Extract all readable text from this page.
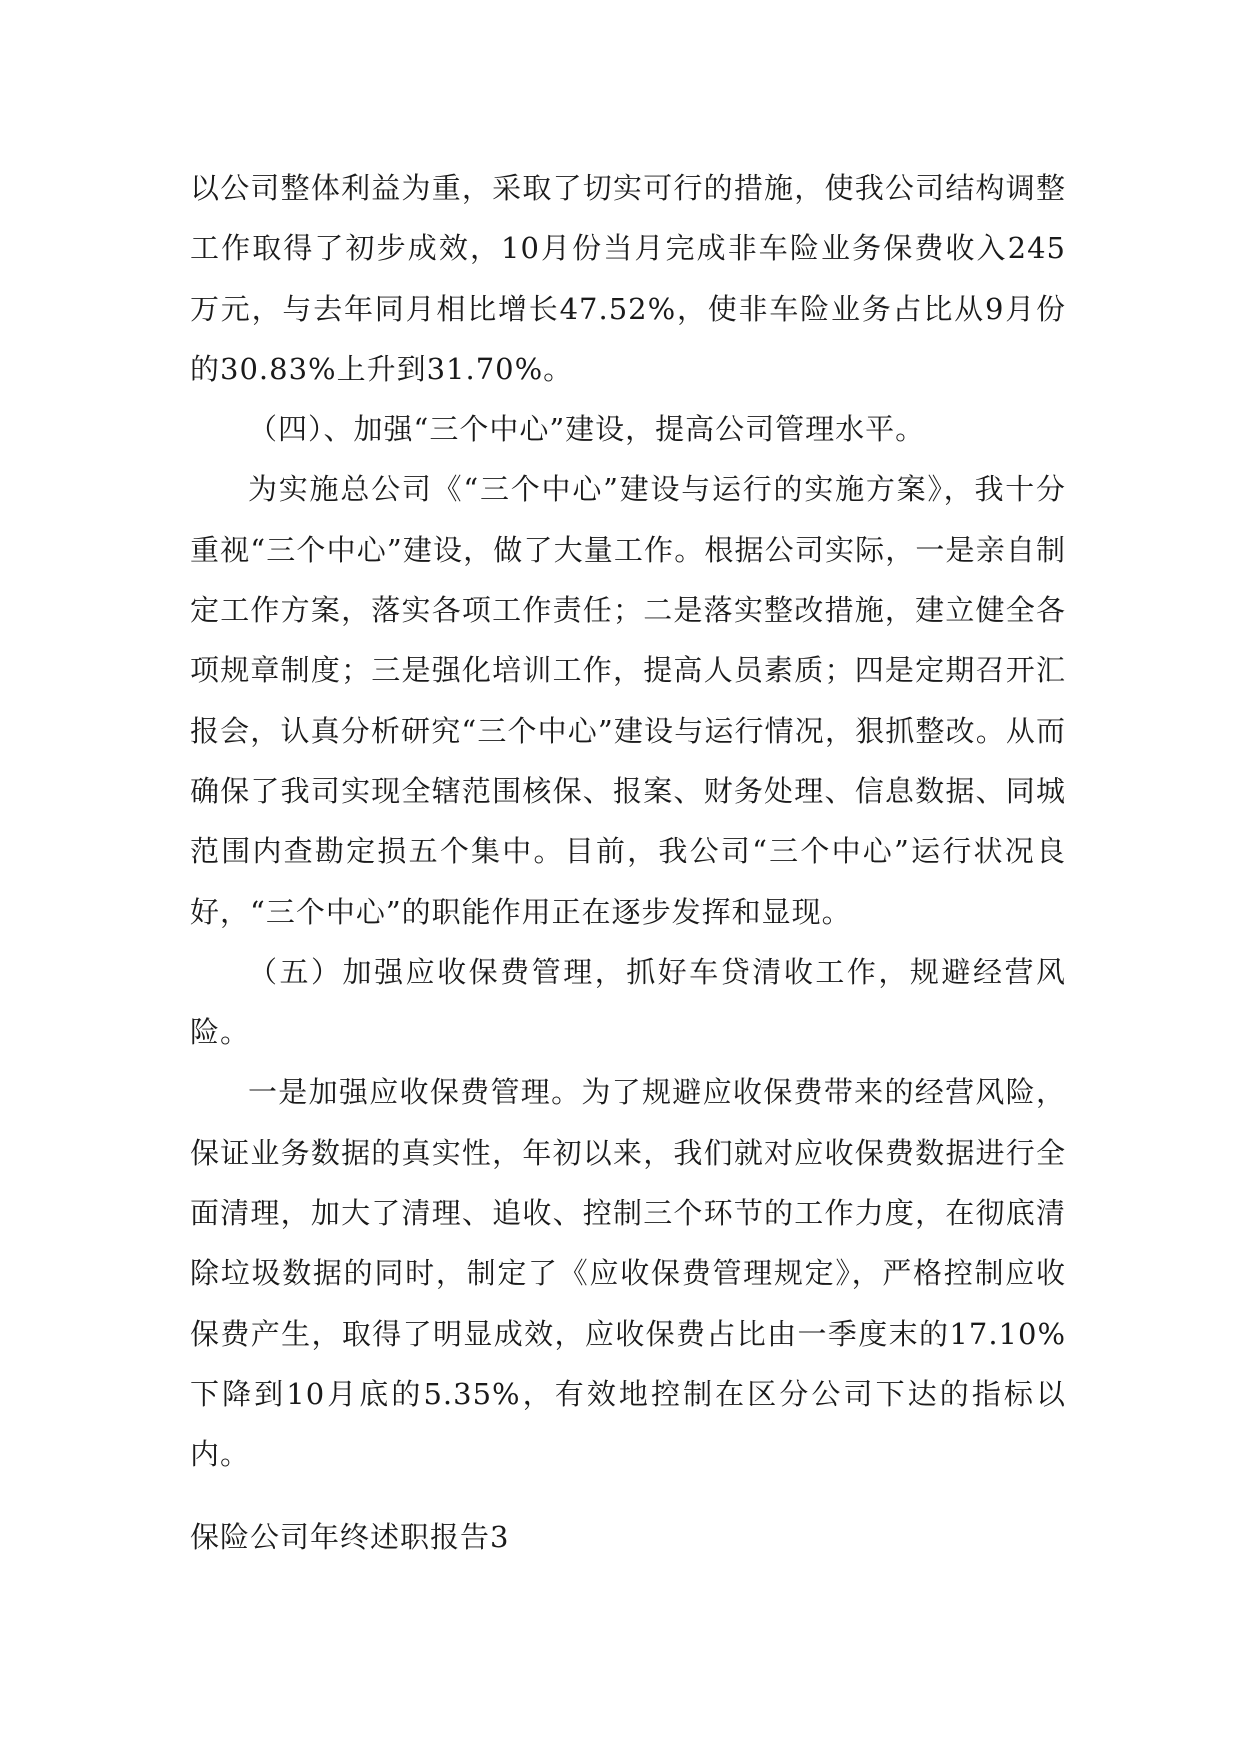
以公司整体利益为重，采取了切实可行的措施，使我公司结构调整工作取得了初步成效，10月份当月完成非车险业务保费收入245万元，与去年同月相比增长47.52%，使非车险业务占比从9月份的30.83%上升到31.70%。

（四）、加强“三个中心”建设，提高公司管理水平。

为实施总公司《“三个中心”建设与运行的实施方案》，我十分重视“三个中心”建设，做了大量工作。根据公司实际，一是亲自制定工作方案，落实各项工作责任；二是落实整改措施，建立健全各项规章制度；三是强化培训工作，提高人员素质；四是定期召开汇报会，认真分析研究“三个中心”建设与运行情况，狠抓整改。从而确保了我司实现全辖范围核保、报案、财务处理、信息数据、同城范围内查勘定损五个集中。目前，我公司“三个中心”运行状况良好，“三个中心”的职能作用正在逐步发挥和显现。

（五）加强应收保费管理，抓好车贷清收工作，规避经营风险。

一是加强应收保费管理。为了规避应收保费带来的经营风险，保证业务数据的真实性，年初以来，我们就对应收保费数据进行全面清理，加大了清理、追收、控制三个环节的工作力度，在彻底清除垃圾数据的同时，制定了《应收保费管理规定》，严格控制应收保费产生，取得了明显成效，应收保费占比由一季度末的17.10%下降到10月底的5.35%，有效地控制在区分公司下达的指标以内。

保险公司年终述职报告3
